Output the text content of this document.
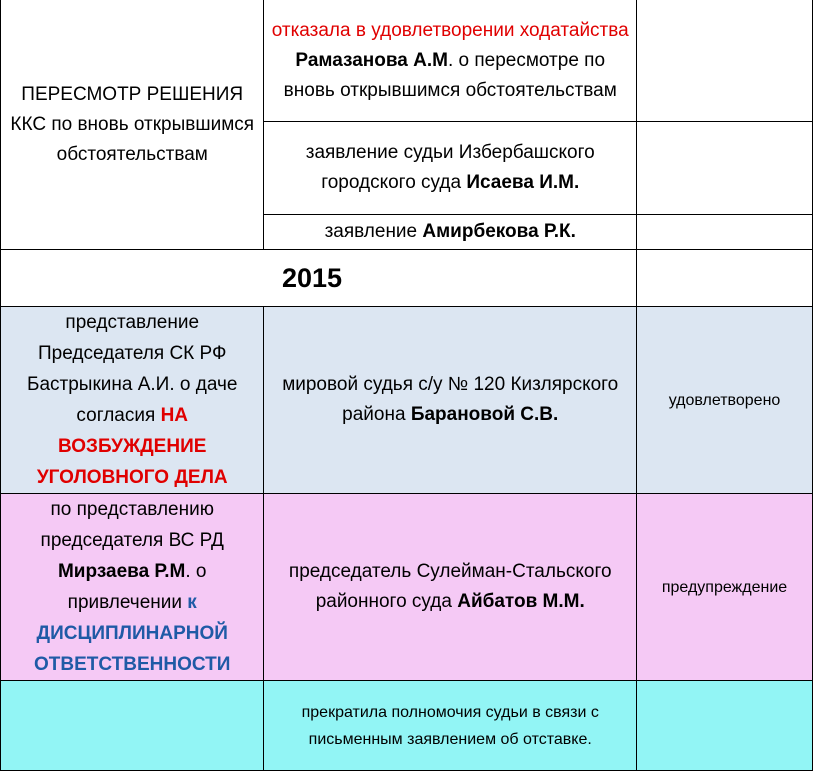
ПЕРЕСМОТР РЕШЕНИЯ ККС по вновь открывшимся обстоятельствам	отказала в удовлетворении ходатайства Рамазанова А.М. о пересмотре по вновь открывшимся обстоятельствам	
	заявление судьи Избербашского городского суда Исаева И.М.	
	заявление Амирбекова Р.К.	
2015		
представление Председателя СК РФ Бастрыкина А.И. о даче согласия НА ВОЗБУЖДЕНИЕ УГОЛОВНОГО ДЕЛА	мировой судья с/у № 120 Кизлярского района Барановой С.В.	удовлетворено
по представлению председателя ВС РД Мирзаева Р.М. о привлечении к ДИСЦИПЛИНАРНОЙ ОТВЕТСТВЕННОСТИ	председатель Сулейман-Стальского районного суда Айбатов М.М.	предупреждение
	прекратила полномочия судьи в связи с письменным заявлением об отставке.	
